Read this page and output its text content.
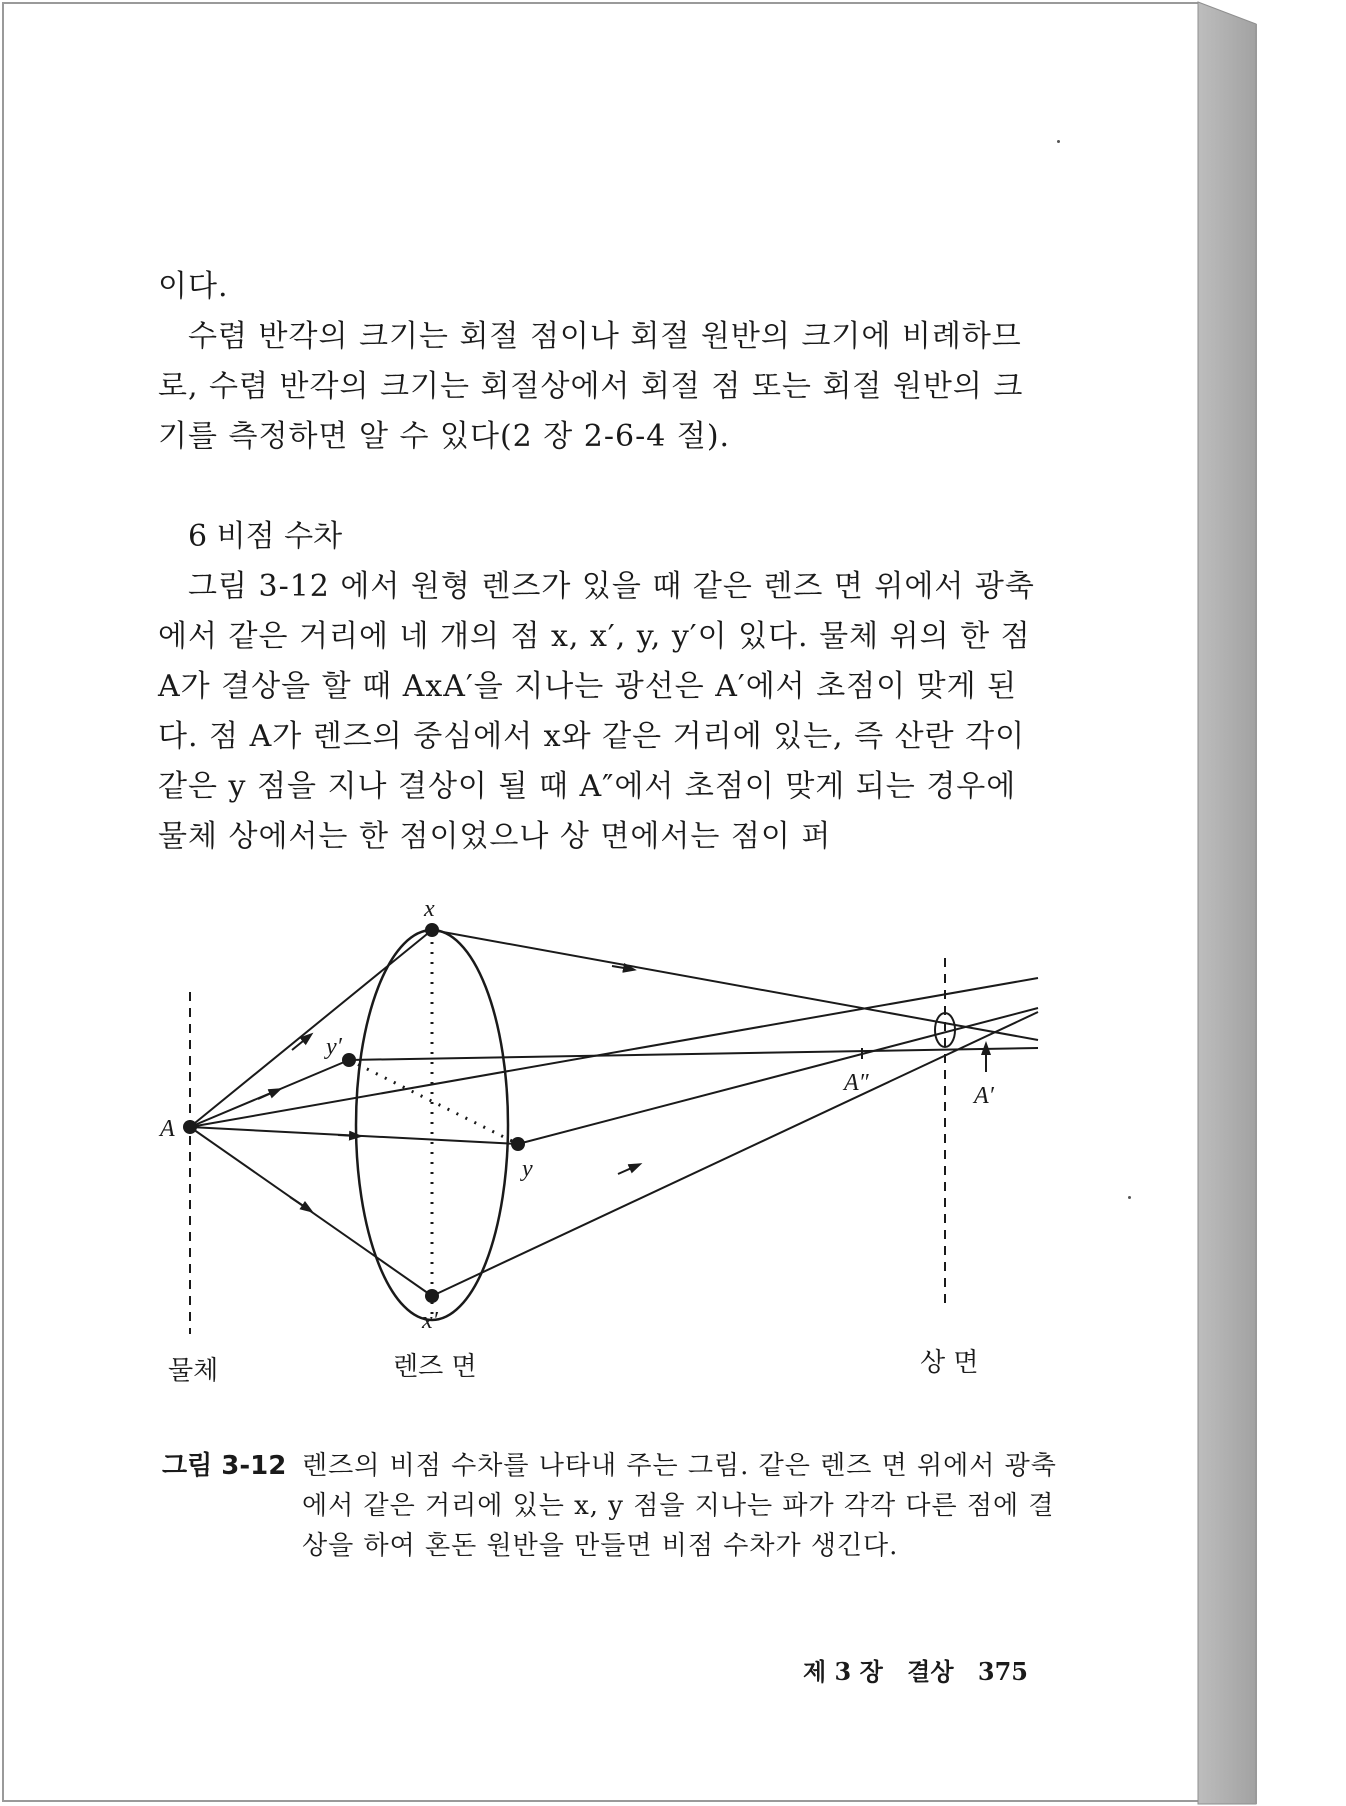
이다.
수렴 반각의 크기는 회절 점이나 회절 원반의 크기에 비례하므로, 수렴 반각의 크기는 회절상에서 회절 점 또는 회절 원반의 크기를 측정하면 알 수 있다(2 장 2-6-4 절).
6 비점 수차
그림 3-12 에서 원형 렌즈가 있을 때 같은 렌즈 면 위에서 광축에서 같은 거리에 네 개의 점 x, x′, y, y′이 있다. 물체 위의 한 점 A가 결상을 할 때 AxA′을 지나는 광선은 A′에서 초점이 맞게 된다. 점 A가 렌즈의 중심에서 x와 같은 거리에 있는, 즉 산란 각이 같은 y 점을 지나 결상이 될 때 A″에서 초점이 맞게 되는 경우에 물체 상에서는 한 점이었으나 상 면에서는 점이 퍼
x
x′
y′
y
A
A″	A′
물체	렌즈 면	상 면
그림 3-12 렌즈의 비점 수차를 나타내 주는 그림. 같은 렌즈 면 위에서 광축에서 같은 거리에 있는 x, y 점을 지나는 파가 각각 다른 점에 결상을 하여 혼돈 원반을 만들면 비점 수차가 생긴다.
제 3 장 결상 375
